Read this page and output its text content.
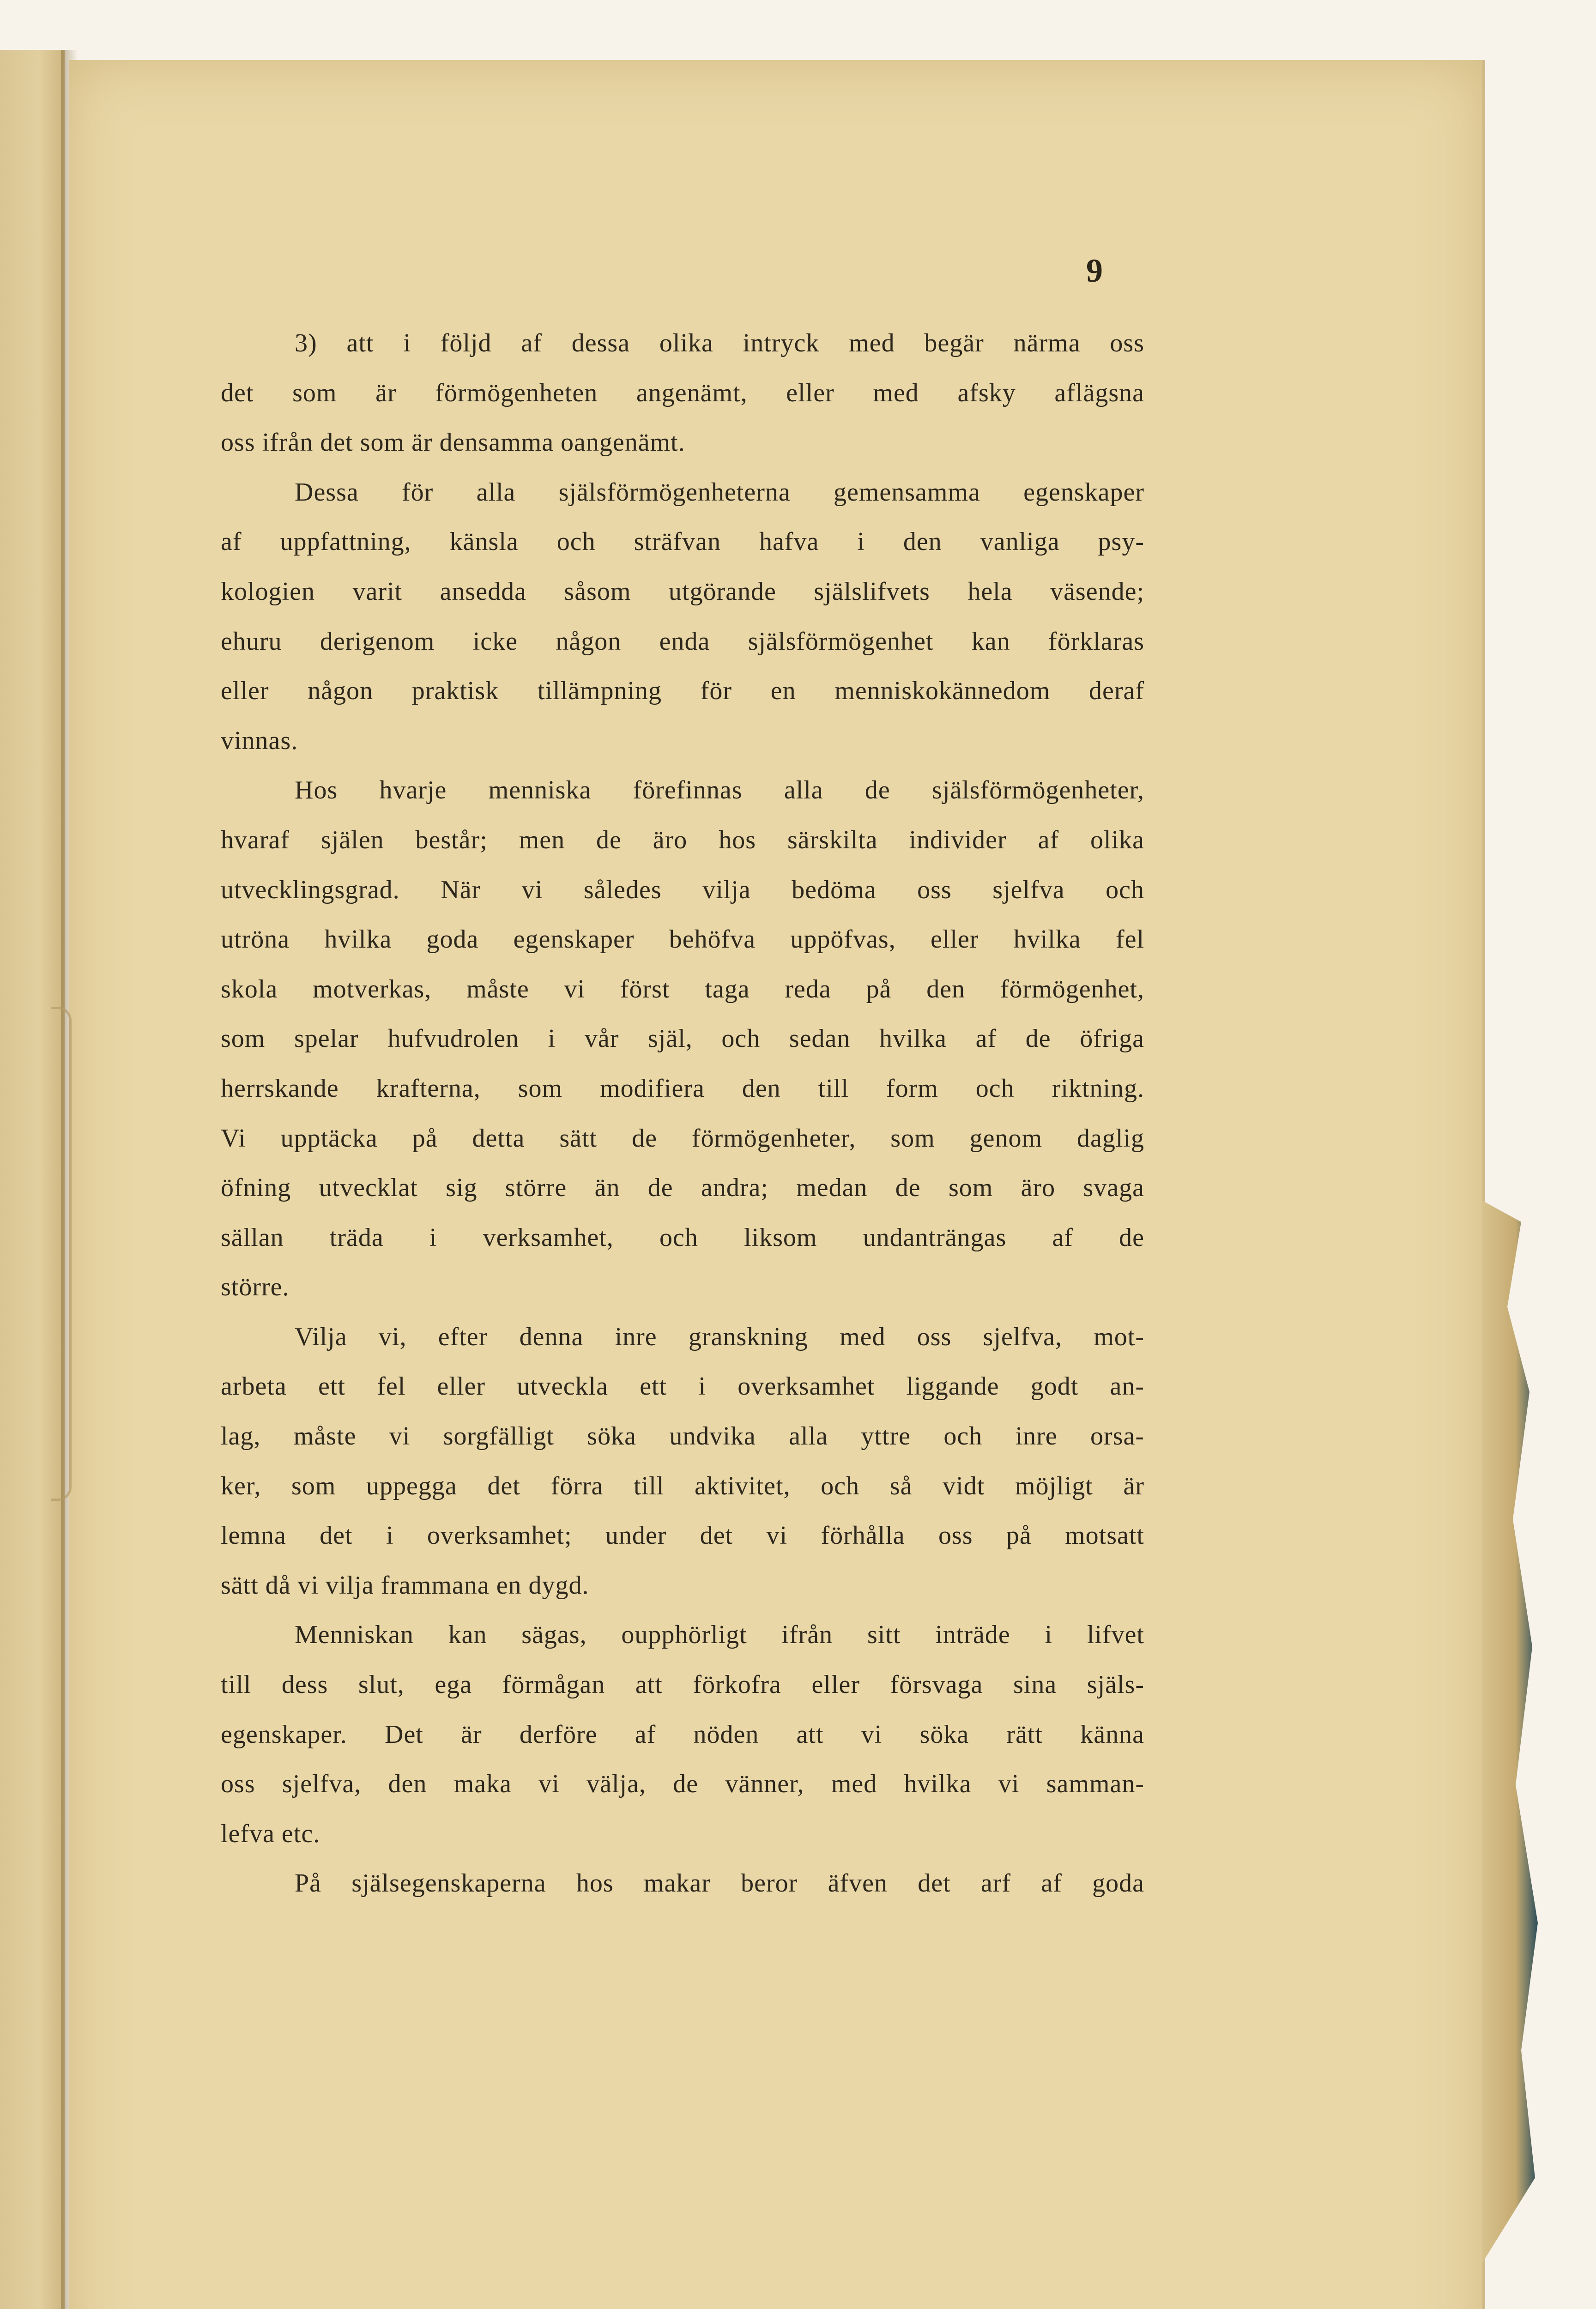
9
3) att i följd af dessa olika intryck med begär närma oss
det som är förmögenheten angenämt, eller med afsky aflägsna
oss ifrån det som är densamma oangenämt.
Dessa för alla själsförmögenheterna gemensamma egenskaper
af uppfattning, känsla och sträfvan hafva i den vanliga psy-
kologien varit ansedda såsom utgörande själslifvets hela väsende;
ehuru derigenom icke någon enda själsförmögenhet kan förklaras
eller någon praktisk tillämpning för en menniskokännedom deraf
vinnas.
Hos hvarje menniska förefinnas alla de själsförmögenheter,
hvaraf själen består; men de äro hos särskilta individer af olika
utvecklingsgrad. När vi således vilja bedöma oss sjelfva och
utröna hvilka goda egenskaper behöfva uppöfvas, eller hvilka fel
skola motverkas, måste vi först taga reda på den förmögenhet,
som spelar hufvudrolen i vår själ, och sedan hvilka af de öfriga
herrskande krafterna, som modifiera den till form och riktning.
Vi upptäcka på detta sätt de förmögenheter, som genom daglig
öfning utvecklat sig större än de andra; medan de som äro svaga
sällan träda i verksamhet, och liksom undanträngas af de
större.
Vilja vi, efter denna inre granskning med oss sjelfva, mot-
arbeta ett fel eller utveckla ett i overksamhet liggande godt an-
lag, måste vi sorgfälligt söka undvika alla yttre och inre orsa-
ker, som uppegga det förra till aktivitet, och så vidt möjligt är
lemna det i overksamhet; under det vi förhålla oss på motsatt
sätt då vi vilja frammana en dygd.
Menniskan kan sägas, oupphörligt ifrån sitt inträde i lifvet
till dess slut, ega förmågan att förkofra eller försvaga sina själs-
egenskaper. Det är derföre af nöden att vi söka rätt känna
oss sjelfva, den maka vi välja, de vänner, med hvilka vi samman-
lefva etc.
På själsegenskaperna hos makar beror äfven det arf af goda
